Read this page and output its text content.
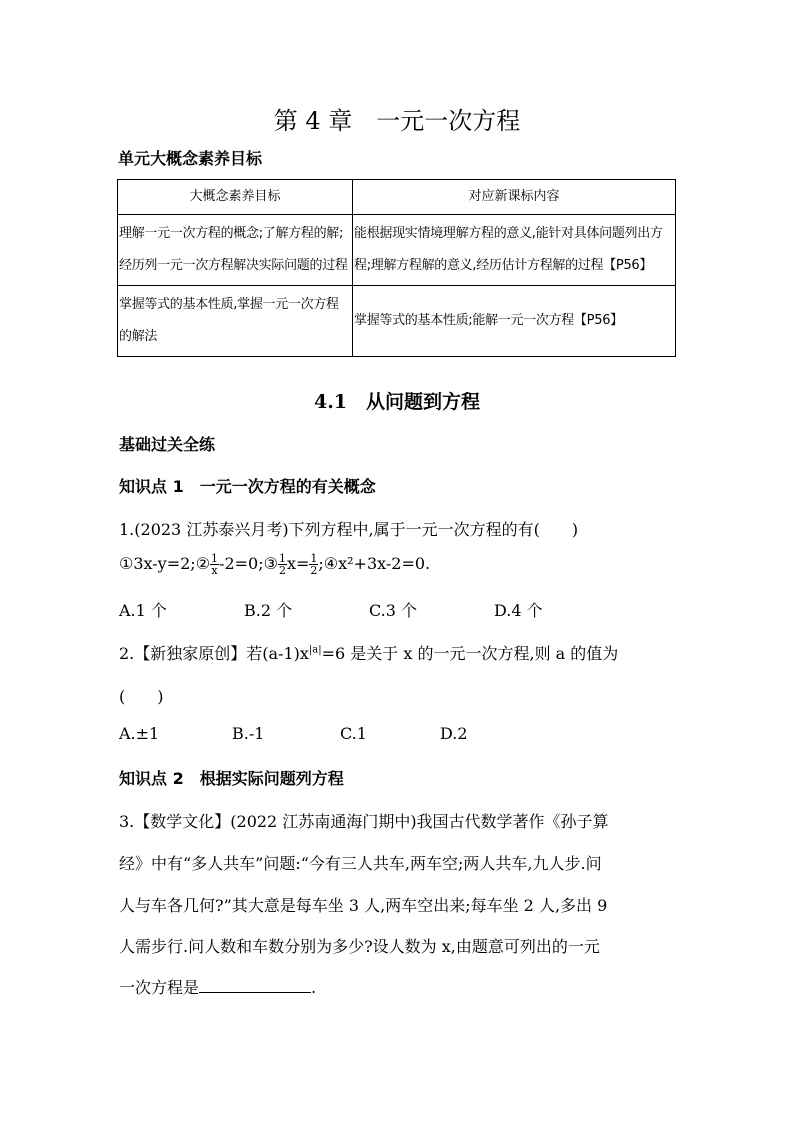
第 4 章　一元一次方程
单元大概念素养目标
大概念素养目标	对应新课标内容

理解一元一次方程的概念;了解方程的解;经历列一元一次方程解决实际问题的过程	能根据现实情境理解方程的意义,能针对具体问题列出方程;理解方程解的意义,经历估计方程解的过程【P56】

掌握等式的基本性质,掌握一元一次方程的解法	掌握等式的基本性质;能解一元一次方程【P56】
4.1　从问题到方程
基础过关全练
知识点 1　一元一次方程的有关概念
1.(2023 江苏泰兴月考)下列方程中,属于一元一次方程的有(　　)
①3x-y=2;② $\frac{1}{x}$ -2=0;③ $\frac{1}{2} x= \frac{1}{2}$ ;④x²+3x-2=0.
A.1 个	B.2 个	C.3 个	D.4 个
2.【新独家原创】若$(a-1)x^{|a|}=6$ 是关于 x 的一元一次方程,则 a 的值为
(　　)
A.±1	B.-1	C.1	D.2
知识点 2　根据实际问题列方程
3.【数学文化】(2022 江苏南通海门期中)我国古代数学著作《孙子算
经》中有“多人共车”问题:“今有三人共车,两车空;两人共车,九人步.问
人与车各几何?”其大意是每车坐 3 人,两车空出来;每车坐 2 人,多出 9
人需步行.问人数和车数分别为多少?设人数为 x,由题意可列出的一元
一次方程是	.
